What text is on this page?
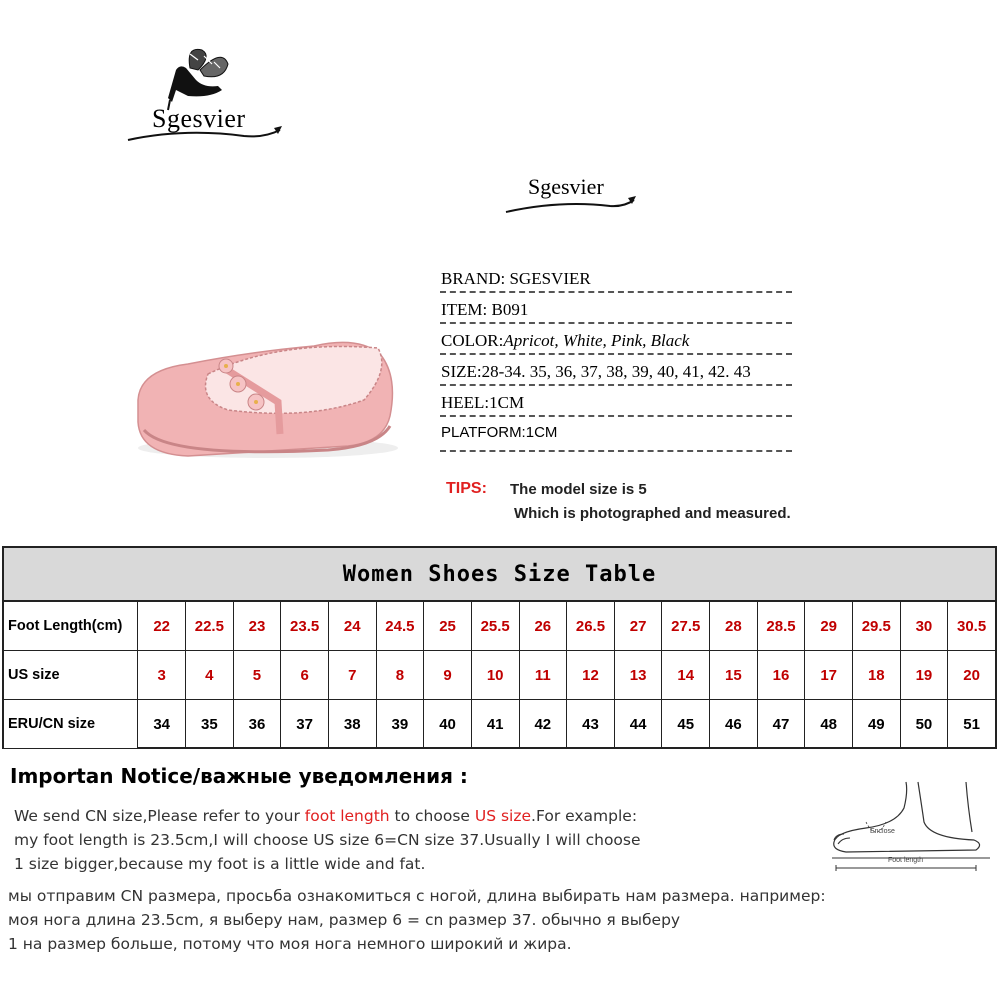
Sgesvier
Sgesvier
BRAND: SGESVIER
ITEM: B091
COLOR:Apricot, White, Pink, Black
SIZE:28-34. 35, 36, 37, 38, 39, 40, 41, 42. 43
HEEL:1CM
PLATFORM:1CM
TIPS: The model size is 5
Which is photographed and measured.
Women Shoes Size Table
Foot Length(cm)	22	22.5	23	23.5	24	24.5	25	25.5	26	26.5	27	27.5	28	28.5	29	29.5	30	30.5
US size	3	4	5	6	7	8	9	10	11	12	13	14	15	16	17	18	19	20
ERU/CN size	34	35	36	37	38	39	40	41	42	43	44	45	46	47	48	49	50	51
Importan Notice/важные уведомления :
We send CN size,Please refer to your foot length to choose US size.For example:
my foot length is 23.5cm,I will choose US size 6=CN size 37.Usually I will choose
1 size bigger,because my foot is a little wide and fat.
мы отправим CN размера, просьба ознакомиться с ногой, длина выбирать нам размера. например:
моя нога длина 23.5cm, я выберу нам, размер 6 = cn размер 37. обычно я выберу
1 на размер больше, потому что моя нога немного широкий и жира.
Enclose
Foot length
